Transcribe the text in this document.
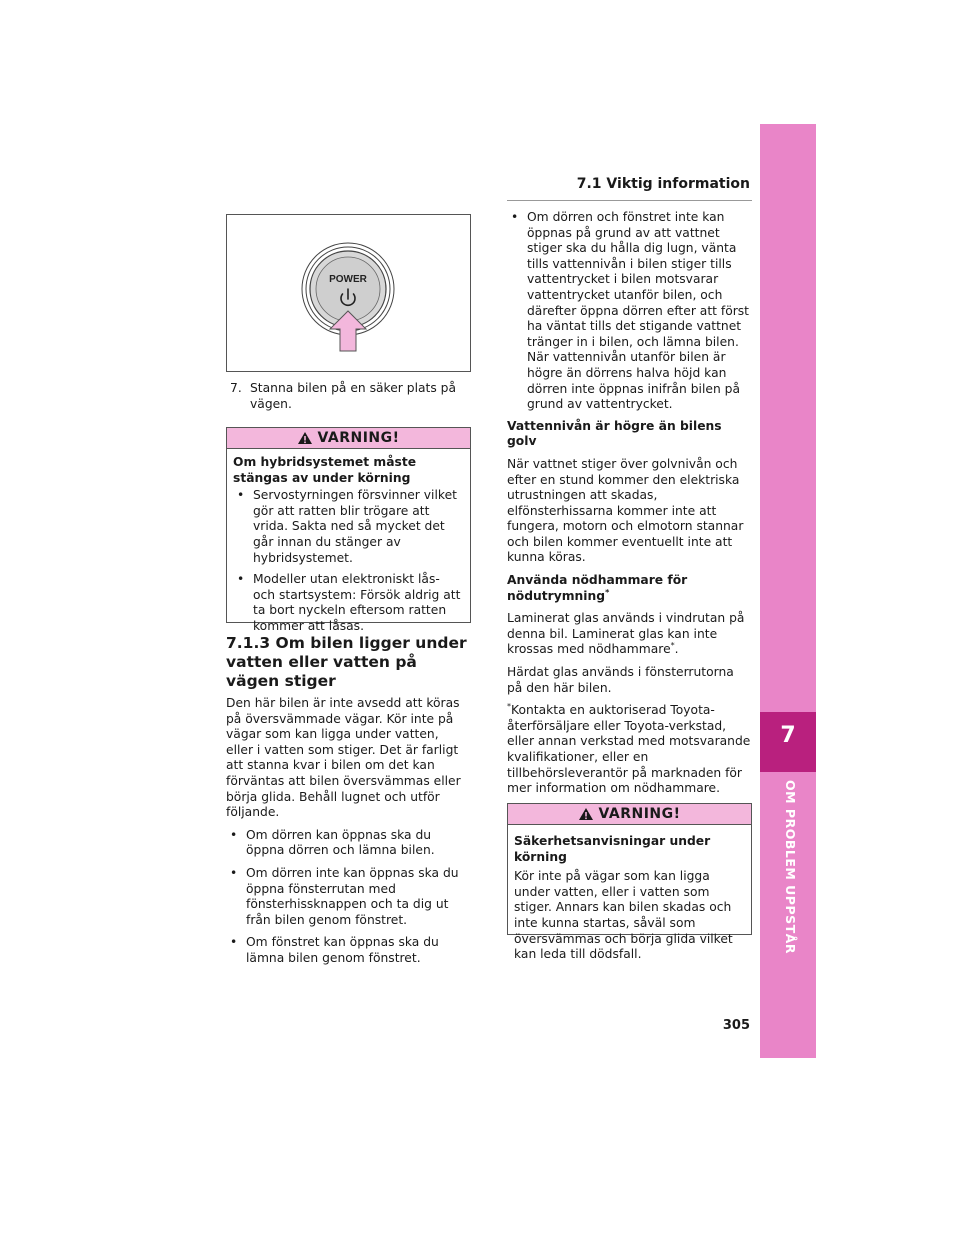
7.1 Viktig information
7
OM PROBLEM UPPSTÅR
POWER
7. Stanna bilen på en säker plats på vägen.
VARNING!

Om hybridsystemet måste stängas av under körning

• Servostyrningen försvinner vilket gör att ratten blir trögare att vrida. Sakta ned så mycket det går innan du stänger av hybridsystemet.
• Modeller utan elektroniskt lås- och startsystem: Försök aldrig att ta bort nyckeln eftersom ratten kommer att låsas.
7.1.3 Om bilen ligger under vatten eller vatten på vägen stiger

Den här bilen är inte avsedd att köras på översvämmade vägar. Kör inte på vägar som kan ligga under vatten, eller i vatten som stiger. Det är farligt att stanna kvar i bilen om det kan förväntas att bilen översvämmas eller börja glida. Behåll lugnet och utför följande.

• Om dörren kan öppnas ska du öppna dörren och lämna bilen.
• Om dörren inte kan öppnas ska du öppna fönsterrutan med fönsterhissknappen och ta dig ut från bilen genom fönstret.
• Om fönstret kan öppnas ska du lämna bilen genom fönstret.
• Om dörren och fönstret inte kan öppnas på grund av att vattnet stiger ska du hålla dig lugn, vänta tills vattennivån i bilen stiger tills vattentrycket i bilen motsvarar vattentrycket utanför bilen, och därefter öppna dörren efter att först ha väntat tills det stigande vattnet tränger in i bilen, och lämna bilen. När vattennivån utanför bilen är högre än dörrens halva höjd kan dörren inte öppnas inifrån bilen på grund av vattentrycket.

Vattennivån är högre än bilens golv

När vattnet stiger över golvnivån och efter en stund kommer den elektriska utrustningen att skadas, elfönsterhissarna kommer inte att fungera, motorn och elmotorn stannar och bilen kommer eventuellt inte att kunna köras.

Använda nödhammare för nödutrymning*

Laminerat glas används i vindrutan på denna bil. Laminerat glas kan inte krossas med nödhammare*.

Härdat glas används i fönsterrutorna på den här bilen.

*Kontakta en auktoriserad Toyota-återförsäljare eller Toyota-verkstad, eller annan verkstad med motsvarande kvalifikationer, eller en tillbehörsleverantör på marknaden för mer information om nödhammare.

VARNING!

Säkerhetsanvisningar under körning

Kör inte på vägar som kan ligga under vatten, eller i vatten som stiger. Annars kan bilen skadas och inte kunna startas, såväl som översvämmas och börja glida vilket kan leda till dödsfall.

305
